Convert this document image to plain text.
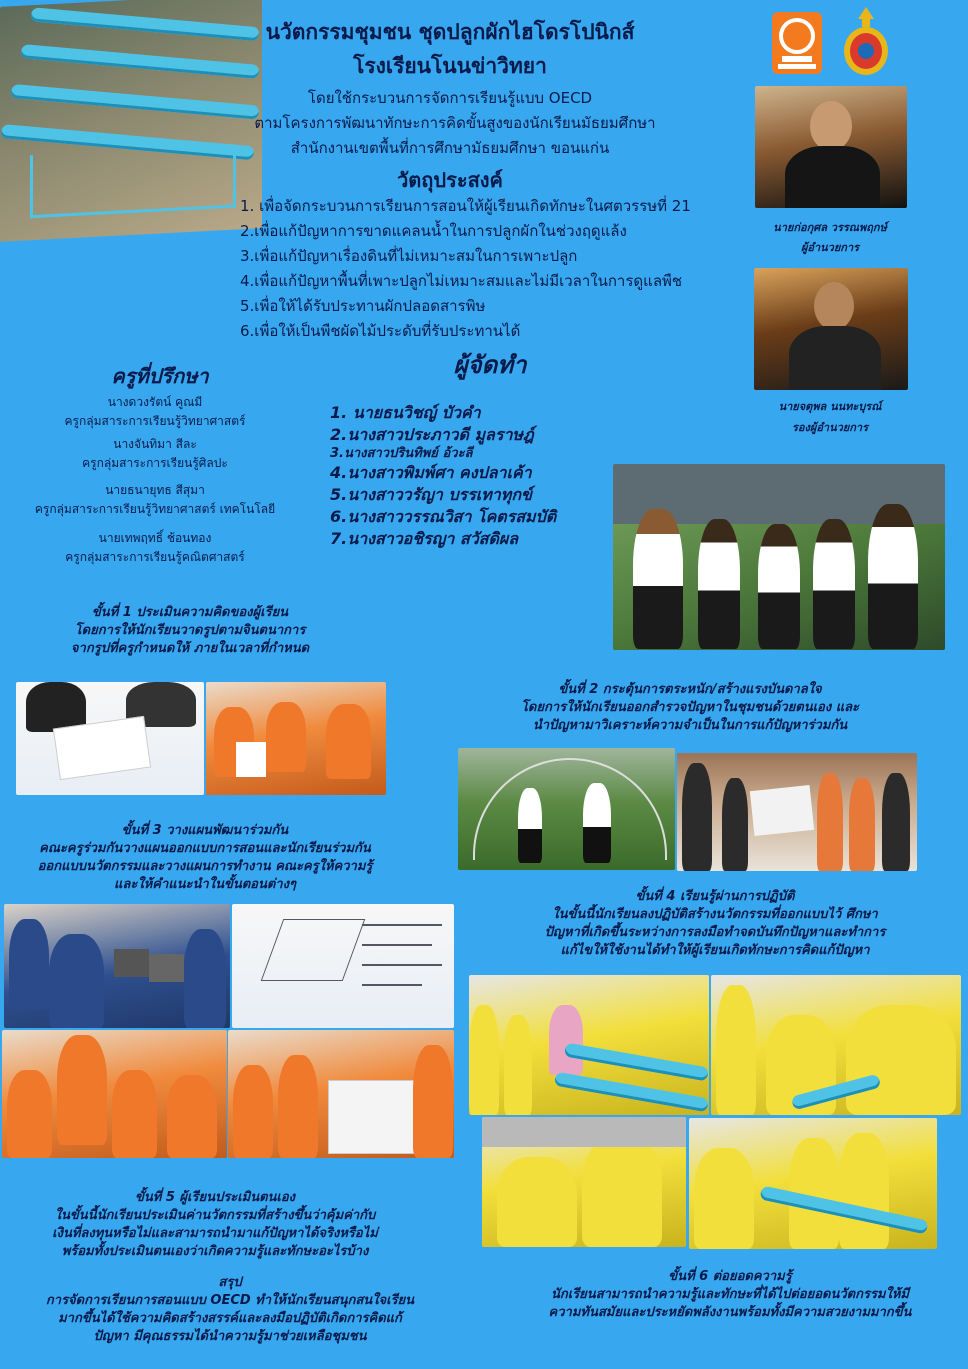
นวัตกรรมชุมชน ชุดปลูกผักไฮโดรโปนิกส์
โรงเรียนโนนข่าวิทยา
โดยใช้กระบวนการจัดการเรียนรู้แบบ OECD
ตามโครงการพัฒนาทักษะการคิดขั้นสูงของนักเรียนมัธยมศึกษา
สำนักงานเขตพื้นที่การศึกษามัธยมศึกษา ขอนแก่น
วัตถุประสงค์
1. เพื่อจัดกระบวนการเรียนการสอนให้ผู้เรียนเกิดทักษะในศตวรรษที่ 21
2.เพื่อแก้ปัญหาการขาดแคลนน้ำในการปลูกผักในช่วงฤดูแล้ง
3.เพื่อแก้ปัญหาเรื่องดินที่ไม่เหมาะสมในการเพาะปลูก
4.เพื่อแก้ปัญหาพื้นที่เพาะปลูกไม่เหมาะสมและไม่มีเวลาในการดูแลพืช
5.เพื่อให้ได้รับประทานผักปลอดสารพิษ
6.เพื่อให้เป็นพืชผัดไม้ประดับที่รับประทานได้
นายก่อกุศล วรรณพฤกษ์
ผู้อำนวยการ
นายจตุพล นนทะบุรณ์
รองผู้อำนวยการ
ครูที่ปรึกษา
นางดวงรัตน์ คูณมี
ครูกลุ่มสาระการเรียนรู้วิทยาศาสตร์
นางจันทิมา สีละ
ครูกลุ่มสาระการเรียนรู้ศิลปะ
นายธนายุทธ สีสุมา
ครูกลุ่มสาระการเรียนรู้วิทยาศาสตร์ เทคโนโลยี
นายเทพฤทธิ์ ช้อนทอง
ครูกลุ่มสาระการเรียนรู้คณิตศาสตร์
ผู้จัดทำ
1. นายธนวิชญ์ บัวคำ
2.นางสาวประภาวดี มูลราษฎ์
3.นางสาวปรินทิพย์ อ้วะลี
4.นางสาวพิมพ์ศา คงปลาเค้า
5.นางสาววรัญา บรรเทาทุกข์
6.นางสาววรรณวิสา โคตรสมบัติ
7.นางสาวอชิรญา สวัสดิผล
ขั้นที่ 1 ประเมินความคิดของผู้เรียน
โดยการให้นักเรียนวาดรูปตามจินตนาการ
จากรูปที่ครูกำหนดให้ ภายในเวลาที่กำหนด
ขั้นที่ 2 กระตุ้นการตระหนัก/สร้างแรงบันดาลใจ
โดยการให้นักเรียนออกสำรวจปัญหาในชุมชนด้วยตนเอง และ
นำปัญหามาวิเคราะห์ความจำเป็นในการแก้ปัญหาร่วมกัน
ขั้นที่ 3 วางแผนพัฒนาร่วมกัน
คณะครูร่วมกันวางแผนออกแบบการสอนและนักเรียนร่วมกัน
ออกแบบนวัตกรรมและวางแผนการทำงาน คณะครูให้ความรู้
และให้คำแนะนำในขั้นตอนต่างๆ
ขั้นที่ 4 เรียนรู้ผ่านการปฏิบัติ
ในขั้นนี้นักเรียนลงปฏิบัติสร้างนวัตกรรมที่ออกแบบไว้ ศึกษา
ปัญหาที่เกิดขึ้นระหว่างการลงมือทำจดบันทึกปัญหาและทำการ
แก้ไขให้ใช้งานได้ทำให้ผู้เรียนเกิดทักษะการคิดแก้ปัญหา
ขั้นที่ 5 ผู้เรียนประเมินตนเอง
ในขั้นนี้นักเรียนประเมินค่านวัตกรรมที่สร้างขึ้นว่าคุ้มค่ากับ
เงินที่ลงทุนหรือไม่และสามารถนำมาแก้ปัญหาได้จริงหรือไม่
พร้อมทั้งประเมินตนเองว่าเกิดความรู้และทักษะอะไรบ้าง
สรุป
การจัดการเรียนการสอนแบบ OECD ทำให้นักเรียนสนุกสนใจเรียน
มากขึ้นได้ใช้ความคิดสร้างสรรค์และลงมือปฏิบัติเกิดการคิดแก้
ปัญหา มีคุณธรรมได้นำความรู้มาช่วยเหลือชุมชน
ขั้นที่ 6 ต่อยอดความรู้
นักเรียนสามารถนำความรู้และทักษะที่ได้ไปต่อยอดนวัตกรรมให้มี
ความทันสมัยและประหยัดพลังงานพร้อมทั้งมีความสวยงามมากขึ้น
